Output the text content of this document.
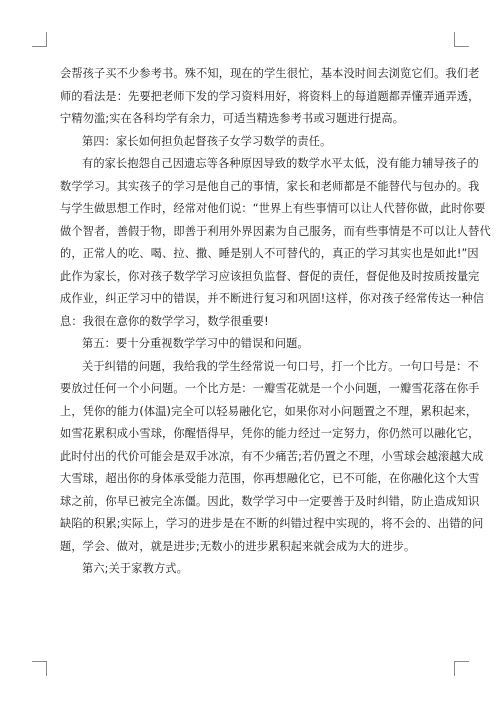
会帮孩子买不少参考书。殊不知，现在的学生很忙，基本没时间去浏览它们。我们老
师的看法是：先要把老师下发的学习资料用好，将资料上的每道题都弄懂弄通弄透，
宁精勿滥;实在各科均学有余力，可适当精选参考书或习题进行提高。
第四：家长如何担负起督孩子女学习数学的责任。
有的家长抱怨自己因遗忘等各种原因导致的数学水平太低，没有能力辅导孩子的
数学学习。其实孩子的学习是他自己的事情，家长和老师都是不能替代与包办的。我
与学生做思想工作时，经常对他们说：“世界上有些事情可以让人代替你做，此时你要
做个智者，善假于物，即善于利用外界因素为自己服务，而有些事情是不可以让人替代
的，正常人的吃、喝、拉、撒、睡是别人不可替代的，真正的学习其实也是如此!”因
此作为家长，你对孩子数学学习应该担负监督、督促的责任，督促他及时按质按量完
成作业，纠正学习中的错误，并不断进行复习和巩固!这样，你对孩子经常传达一种信
息：我很在意你的数学学习，数学很重要!
第五：要十分重视数学学习中的错误和问题。
关于纠错的问题，我给我的学生经常说一句口号，打一个比方。一句口号是：不
要放过任何一个小问题。一个比方是：一瓣雪花就是一个小问题，一瓣雪花落在你手
上，凭你的能力(体温)完全可以轻易融化它，如果你对小问题置之不理，累积起来，
如雪花累积成小雪球，你醒悟得早，凭你的能力经过一定努力，你仍然可以融化它，
此时付出的代价可能会是双手冰凉，有不少痛苦;若仍置之不理，小雪球会越滚越大成
大雪球，超出你的身体承受能力范围，你再想融化它，已不可能，在你融化这个大雪
球之前，你早已被完全冻僵。因此，数学学习中一定要善于及时纠错，防止造成知识
缺陷的积累;实际上，学习的进步是在不断的纠错过程中实现的，将不会的、出错的问
题，学会、做对，就是进步;无数小的进步累积起来就会成为大的进步。
第六;关于家教方式。
